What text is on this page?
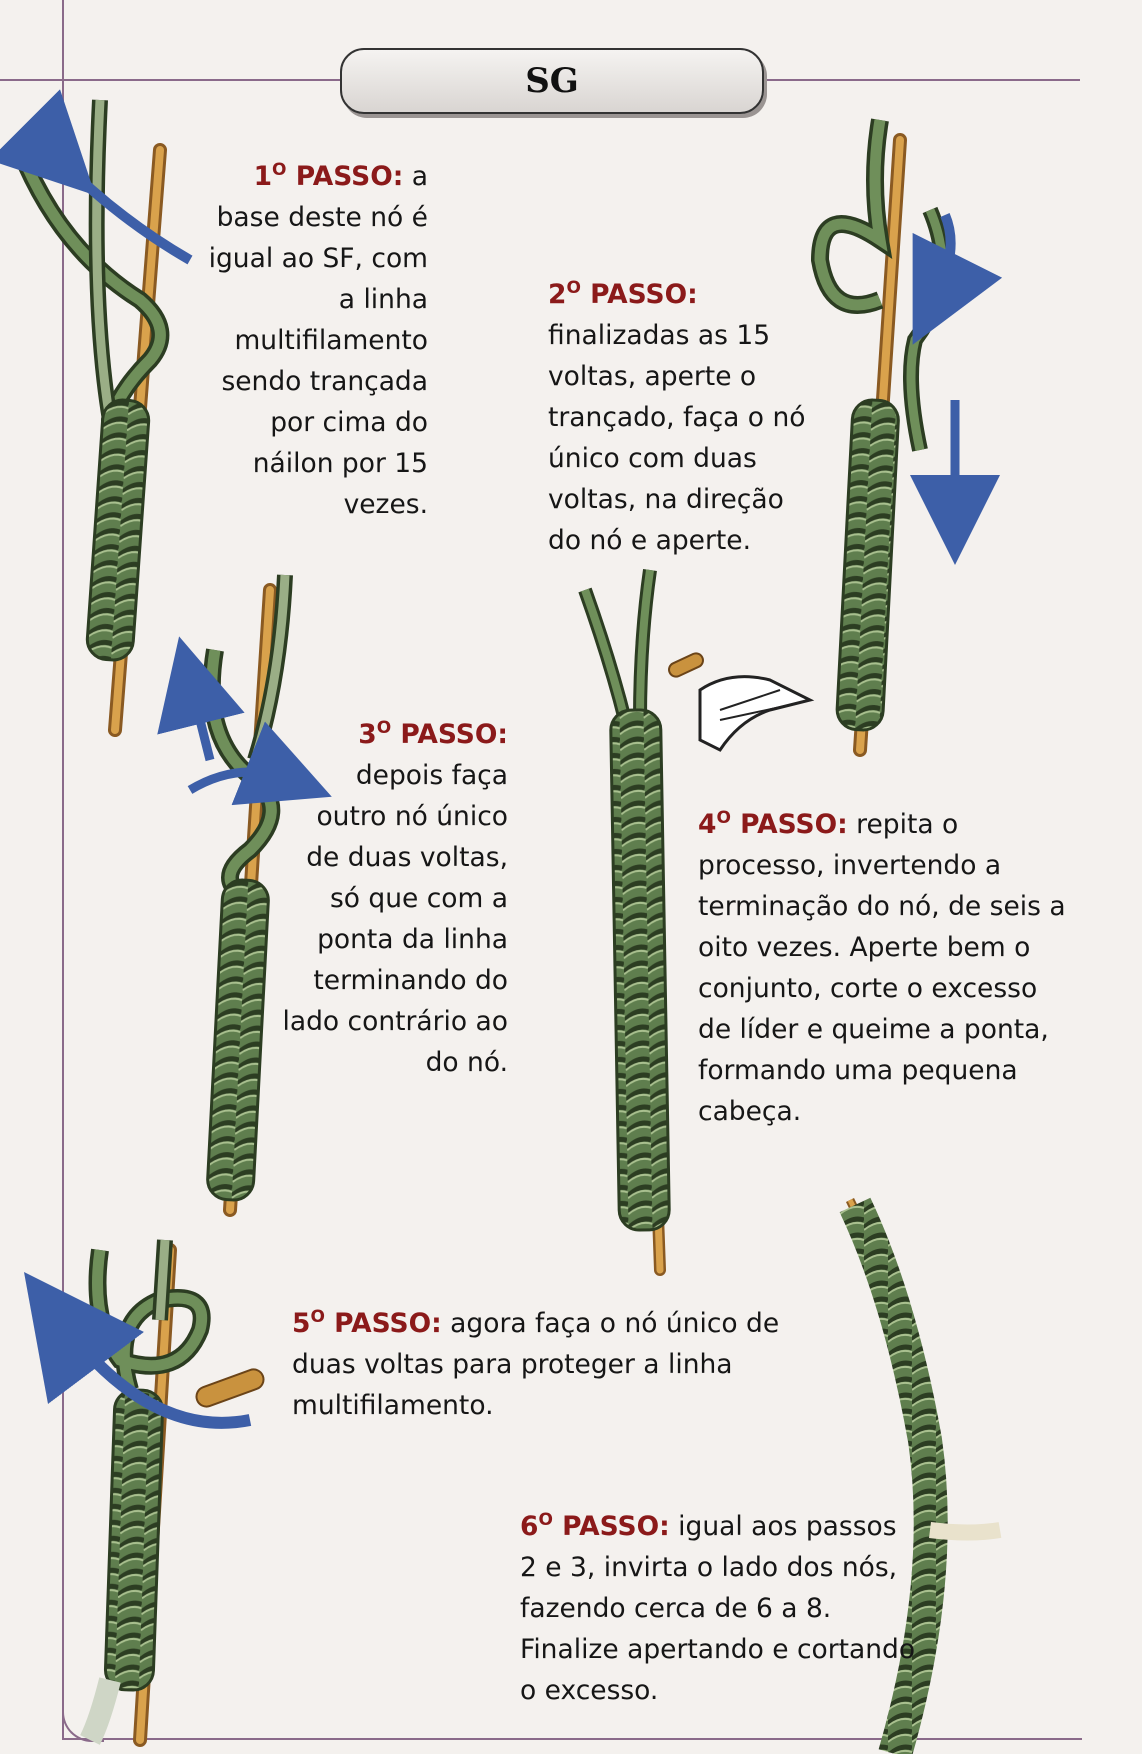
SG
$1^O$ PASSO: a base deste nó é igual ao SF, com a linha multifilamento sendo trançada por cima do náilon por 15 vezes.
$2^O$ PASSO: finalizadas as 15 voltas, aperte o trançado, faça o nó único com duas voltas, na direção do nó e aperte.
$3^O$ PASSO: depois faça outro nó único de duas voltas, só que com a ponta da linha terminando do lado contrário ao do nó.
$4^O$ PASSO: repita o processo, invertendo a terminação do nó, de seis a oito vezes. Aperte bem o conjunto, corte o excesso de líder e queime a ponta, formando uma pequena cabeça.
$5^O$ PASSO: agora faça o nó único de duas voltas para proteger a linha multifilamento.
$6^O$ PASSO: igual aos passos 2 e 3, invirta o lado dos nós, fazendo cerca de 6 a 8. Finalize apertando e cortando o excesso.
